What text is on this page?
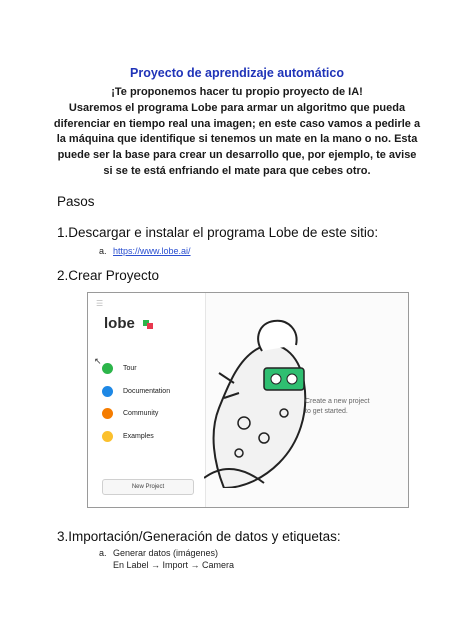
Proyecto de aprendizaje automático
¡Te proponemos hacer tu propio proyecto de IA!
Usaremos el programa Lobe para armar un algoritmo que pueda diferenciar en tiempo real una imagen; en este caso vamos a pedirle a la máquina que identifique si tenemos un mate en la mano o no. Esta puede ser la base para crear un desarrollo que, por ejemplo, te avise si se te está enfriando el mate para que cebes otro.
Pasos
1.Descargar e instalar el programa Lobe de este sitio:
a. https://www.lobe.ai/
2.Crear Proyecto
☰
lobe
↖
Tour
Documentation
Community
Examples
New Project
Create a new project
to get started.
3.Importación/Generación de datos y etiquetas:
a. Generar datos (imágenes)
En Label → Import → Camera
